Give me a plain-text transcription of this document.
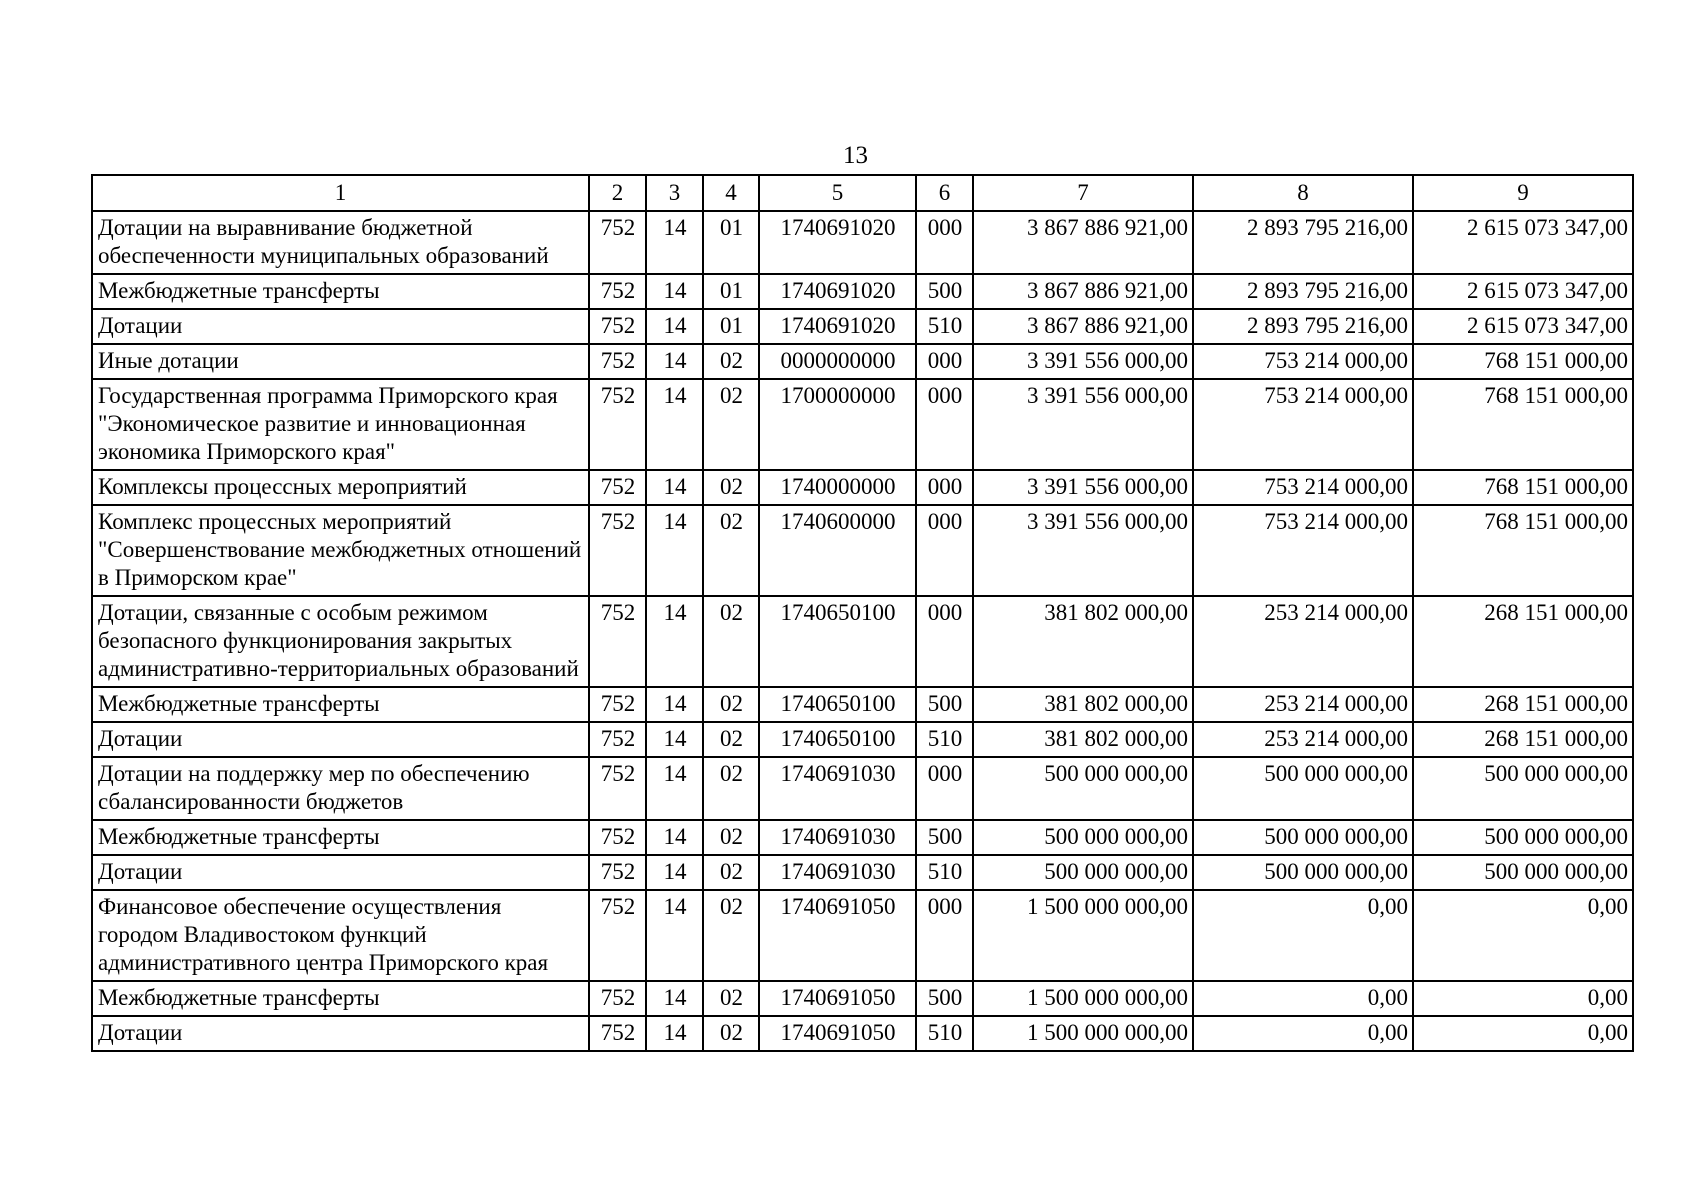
13
1	2	3	4	5	6	7	8	9
Дотации на выравнивание бюджетной обеспеченности муниципальных образований	752	14	01	1740691020	000	3 867 886 921,00	2 893 795 216,00	2 615 073 347,00
Межбюджетные трансферты	752	14	01	1740691020	500	3 867 886 921,00	2 893 795 216,00	2 615 073 347,00
Дотации	752	14	01	1740691020	510	3 867 886 921,00	2 893 795 216,00	2 615 073 347,00
Иные дотации	752	14	02	0000000000	000	3 391 556 000,00	753 214 000,00	768 151 000,00
Государственная программа Приморского края "Экономическое развитие и инновационная экономика Приморского края"	752	14	02	1700000000	000	3 391 556 000,00	753 214 000,00	768 151 000,00
Комплексы процессных мероприятий	752	14	02	1740000000	000	3 391 556 000,00	753 214 000,00	768 151 000,00
Комплекс процессных мероприятий "Совершенствование межбюджетных отношений в Приморском крае"	752	14	02	1740600000	000	3 391 556 000,00	753 214 000,00	768 151 000,00
Дотации, связанные с особым режимом безопасного функционирования закрытых административно-территориальных образований	752	14	02	1740650100	000	381 802 000,00	253 214 000,00	268 151 000,00
Межбюджетные трансферты	752	14	02	1740650100	500	381 802 000,00	253 214 000,00	268 151 000,00
Дотации	752	14	02	1740650100	510	381 802 000,00	253 214 000,00	268 151 000,00
Дотации на поддержку мер по обеспечению сбалансированности бюджетов	752	14	02	1740691030	000	500 000 000,00	500 000 000,00	500 000 000,00
Межбюджетные трансферты	752	14	02	1740691030	500	500 000 000,00	500 000 000,00	500 000 000,00
Дотации	752	14	02	1740691030	510	500 000 000,00	500 000 000,00	500 000 000,00
Финансовое обеспечение осуществления городом Владивостоком функций административного центра Приморского края	752	14	02	1740691050	000	1 500 000 000,00	0,00	0,00
Межбюджетные трансферты	752	14	02	1740691050	500	1 500 000 000,00	0,00	0,00
Дотации	752	14	02	1740691050	510	1 500 000 000,00	0,00	0,00
